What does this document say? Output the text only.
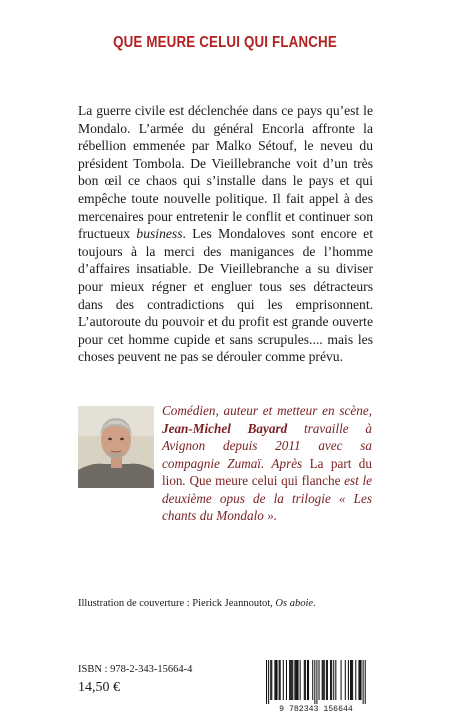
QUE MEURE CELUI QUI FLANCHE

La guerre civile est déclenchée dans ce pays qu’est le Mondalo. L’armée du général Encorla affronte la rébellion emmenée par Malko Sétouf, le neveu du président Tombola. De Vieillebranche voit d’un très bon œil ce chaos qui s’installe dans le pays et qui empêche toute nouvelle politique. Il fait appel à des mercenaires pour entretenir le conflit et continuer son fructueux business. Les Mondaloves sont encore et toujours à la merci des manigances de l’homme d’affaires insatiable. De Vieillebranche a su diviser pour mieux régner et engluer tous ses détracteurs dans des contradictions qui les emprisonnent. L’autoroute du pouvoir et du profit est grande ouverte pour cet homme cupide et sans scrupules.... mais les choses peuvent ne pas se dérouler comme prévu.

Comédien, auteur et metteur en scène, Jean-Michel Bayard travaille à Avignon depuis 2011 avec sa compagnie Zumaï. Après La part du lion. Que meure celui qui flanche est le deuxième opus de la trilogie « Les chants du Mondalo ».

Illustration de couverture : Pierick Jeannoutot, Os aboie.
ISBN : 978-2-343-15664-4
14,50 €
9 782343 156644
